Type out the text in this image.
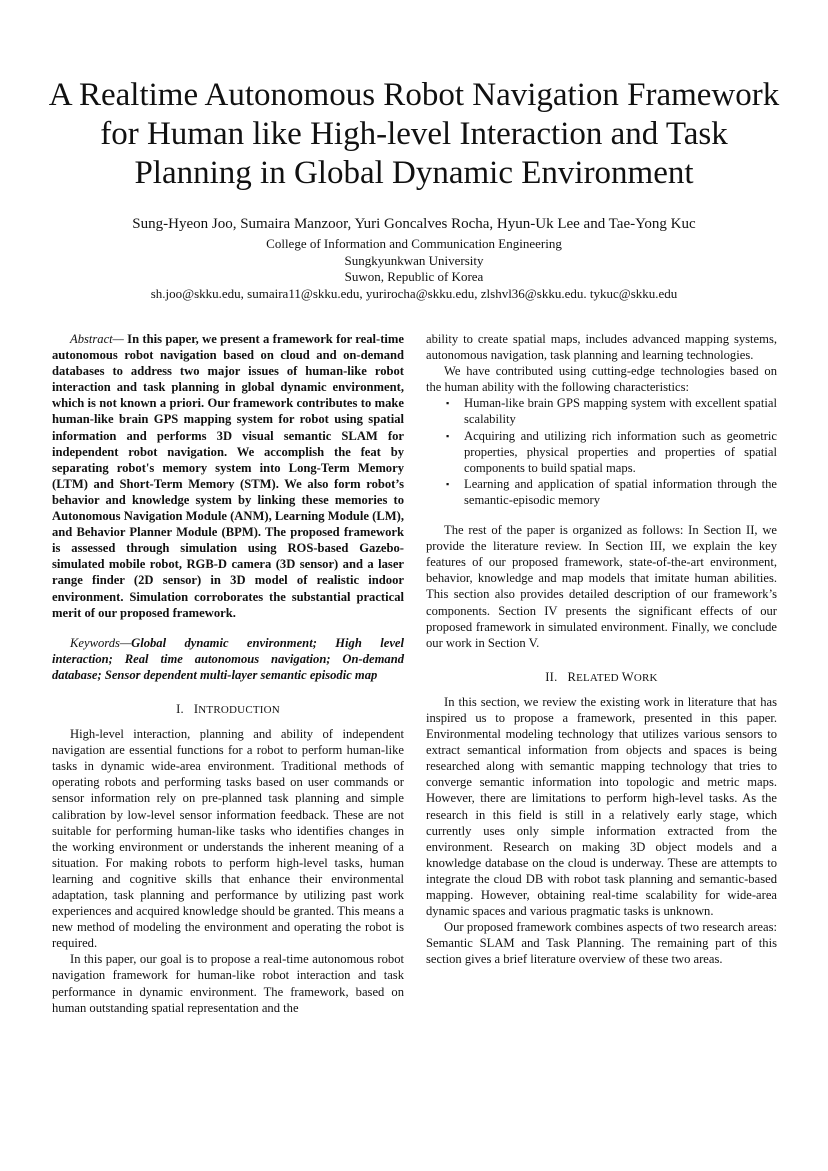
A Realtime Autonomous Robot Navigation Framework for Human like High-level Interaction and Task Planning in Global Dynamic Environment
Sung-Hyeon Joo, Sumaira Manzoor, Yuri Goncalves Rocha, Hyun-Uk Lee and Tae-Yong Kuc
College of Information and Communication Engineering
Sungkyunkwan University
Suwon, Republic of Korea
sh.joo@skku.edu, sumaira11@skku.edu, yurirocha@skku.edu, zlshvl36@skku.edu. tykuc@skku.edu

Abstract— In this paper, we present a framework for real-time autonomous robot navigation based on cloud and on-demand databases to address two major issues of human-like robot interaction and task planning in global dynamic environment, which is not known a priori. Our framework contributes to make human-like brain GPS mapping system for robot using spatial information and performs 3D visual semantic SLAM for independent robot navigation. We accomplish the feat by separating robot's memory system into Long-Term Memory (LTM) and Short-Term Memory (STM). We also form robot’s behavior and knowledge system by linking these memories to Autonomous Navigation Module (ANM), Learning Module (LM), and Behavior Planner Module (BPM). The proposed framework is assessed through simulation using ROS-based Gazebo-simulated mobile robot, RGB-D camera (3D sensor) and a laser range finder (2D sensor) in 3D model of realistic indoor environment. Simulation corroborates the substantial practical merit of our proposed framework.

Keywords—Global dynamic environment; High level interaction; Real time autonomous navigation; On-demand database; Sensor dependent multi-layer semantic episodic map

I. INTRODUCTION

High-level interaction, planning and ability of independent navigation are essential functions for a robot to perform human-like tasks in dynamic wide-area environment. Traditional methods of operating robots and performing tasks based on user commands or sensor information rely on pre-planned task planning and simple calibration by low-level sensor information feedback. These are not suitable for performing human-like tasks who identifies changes in the working environment or understands the inherent meaning of a situation. For making robots to perform high-level tasks, human learning and cognitive skills that enhance their environmental adaptation, task planning and performance by utilizing past work experiences and acquired knowledge should be granted. This means a new method of modeling the environment and operating the robot is required.

In this paper, our goal is to propose a real-time autonomous robot navigation framework for human-like robot interaction and task performance in dynamic environment. The framework, based on human outstanding spatial representation and the

ability to create spatial maps, includes advanced mapping systems, autonomous navigation, task planning and learning technologies.

We have contributed using cutting-edge technologies based on the human ability with the following characteristics:

▪ Human-like brain GPS mapping system with excellent spatial scalability
▪ Acquiring and utilizing rich information such as geometric properties, physical properties and properties of spatial components to build spatial maps.
▪ Learning and application of spatial information through the semantic-episodic memory

The rest of the paper is organized as follows: In Section II, we provide the literature review. In Section III, we explain the key features of our proposed framework, state-of-the-art environment, behavior, knowledge and map models that imitate human abilities. This section also provides detailed description of our framework’s components. Section IV presents the significant effects of our proposed framework in simulated environment. Finally, we conclude our work in Section V.

II. RELATED WORK

In this section, we review the existing work in literature that has inspired us to propose a framework, presented in this paper. Environmental modeling technology that utilizes various sensors to extract semantical information from objects and spaces is being researched along with semantic mapping technology that tries to converge semantic information into topologic and metric maps. However, there are limitations to perform high-level tasks. As the research in this field is still in a relatively early stage, which currently uses only simple information extracted from the environment. Research on making 3D object models and a knowledge database on the cloud is underway. These are attempts to integrate the cloud DB with robot task planning and semantic-based mapping. However, obtaining real-time scalability for wide-area dynamic spaces and various pragmatic tasks is unknown.

Our proposed framework combines aspects of two research areas: Semantic SLAM and Task Planning. The remaining part of this section gives a brief literature overview of these two areas.
